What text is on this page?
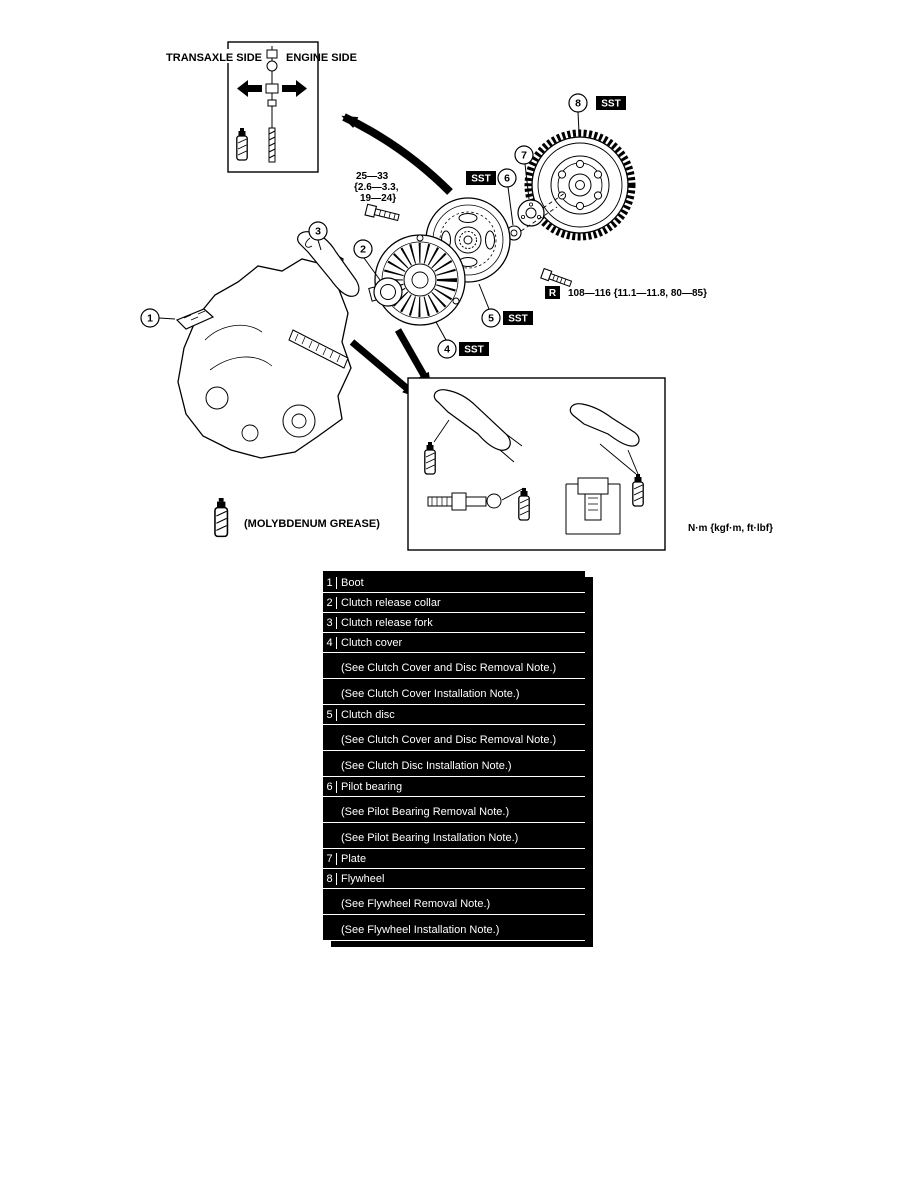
TRANSAXLE SIDE ENGINE SIDE
8 SST
7
6
SST
5 SST
4 SST
2
3
1
25—33
{2.6—3.3,
19—24}
R 108—116 {11.1—11.8, 80—85}
(MOLYBDENUM GREASE)	N·m {kgf·m, ft·lbf}
1 Boot
2 Clutch release collar
3 Clutch release fork
4 Clutch cover
(See Clutch Cover and Disc Removal Note.)
(See Clutch Cover Installation Note.)
5 Clutch disc
(See Clutch Cover and Disc Removal Note.)
(See Clutch Disc Installation Note.)
6 Pilot bearing
(See Pilot Bearing Removal Note.)
(See Pilot Bearing Installation Note.)
7 Plate
8 Flywheel
(See Flywheel Removal Note.)
(See Flywheel Installation Note.)
